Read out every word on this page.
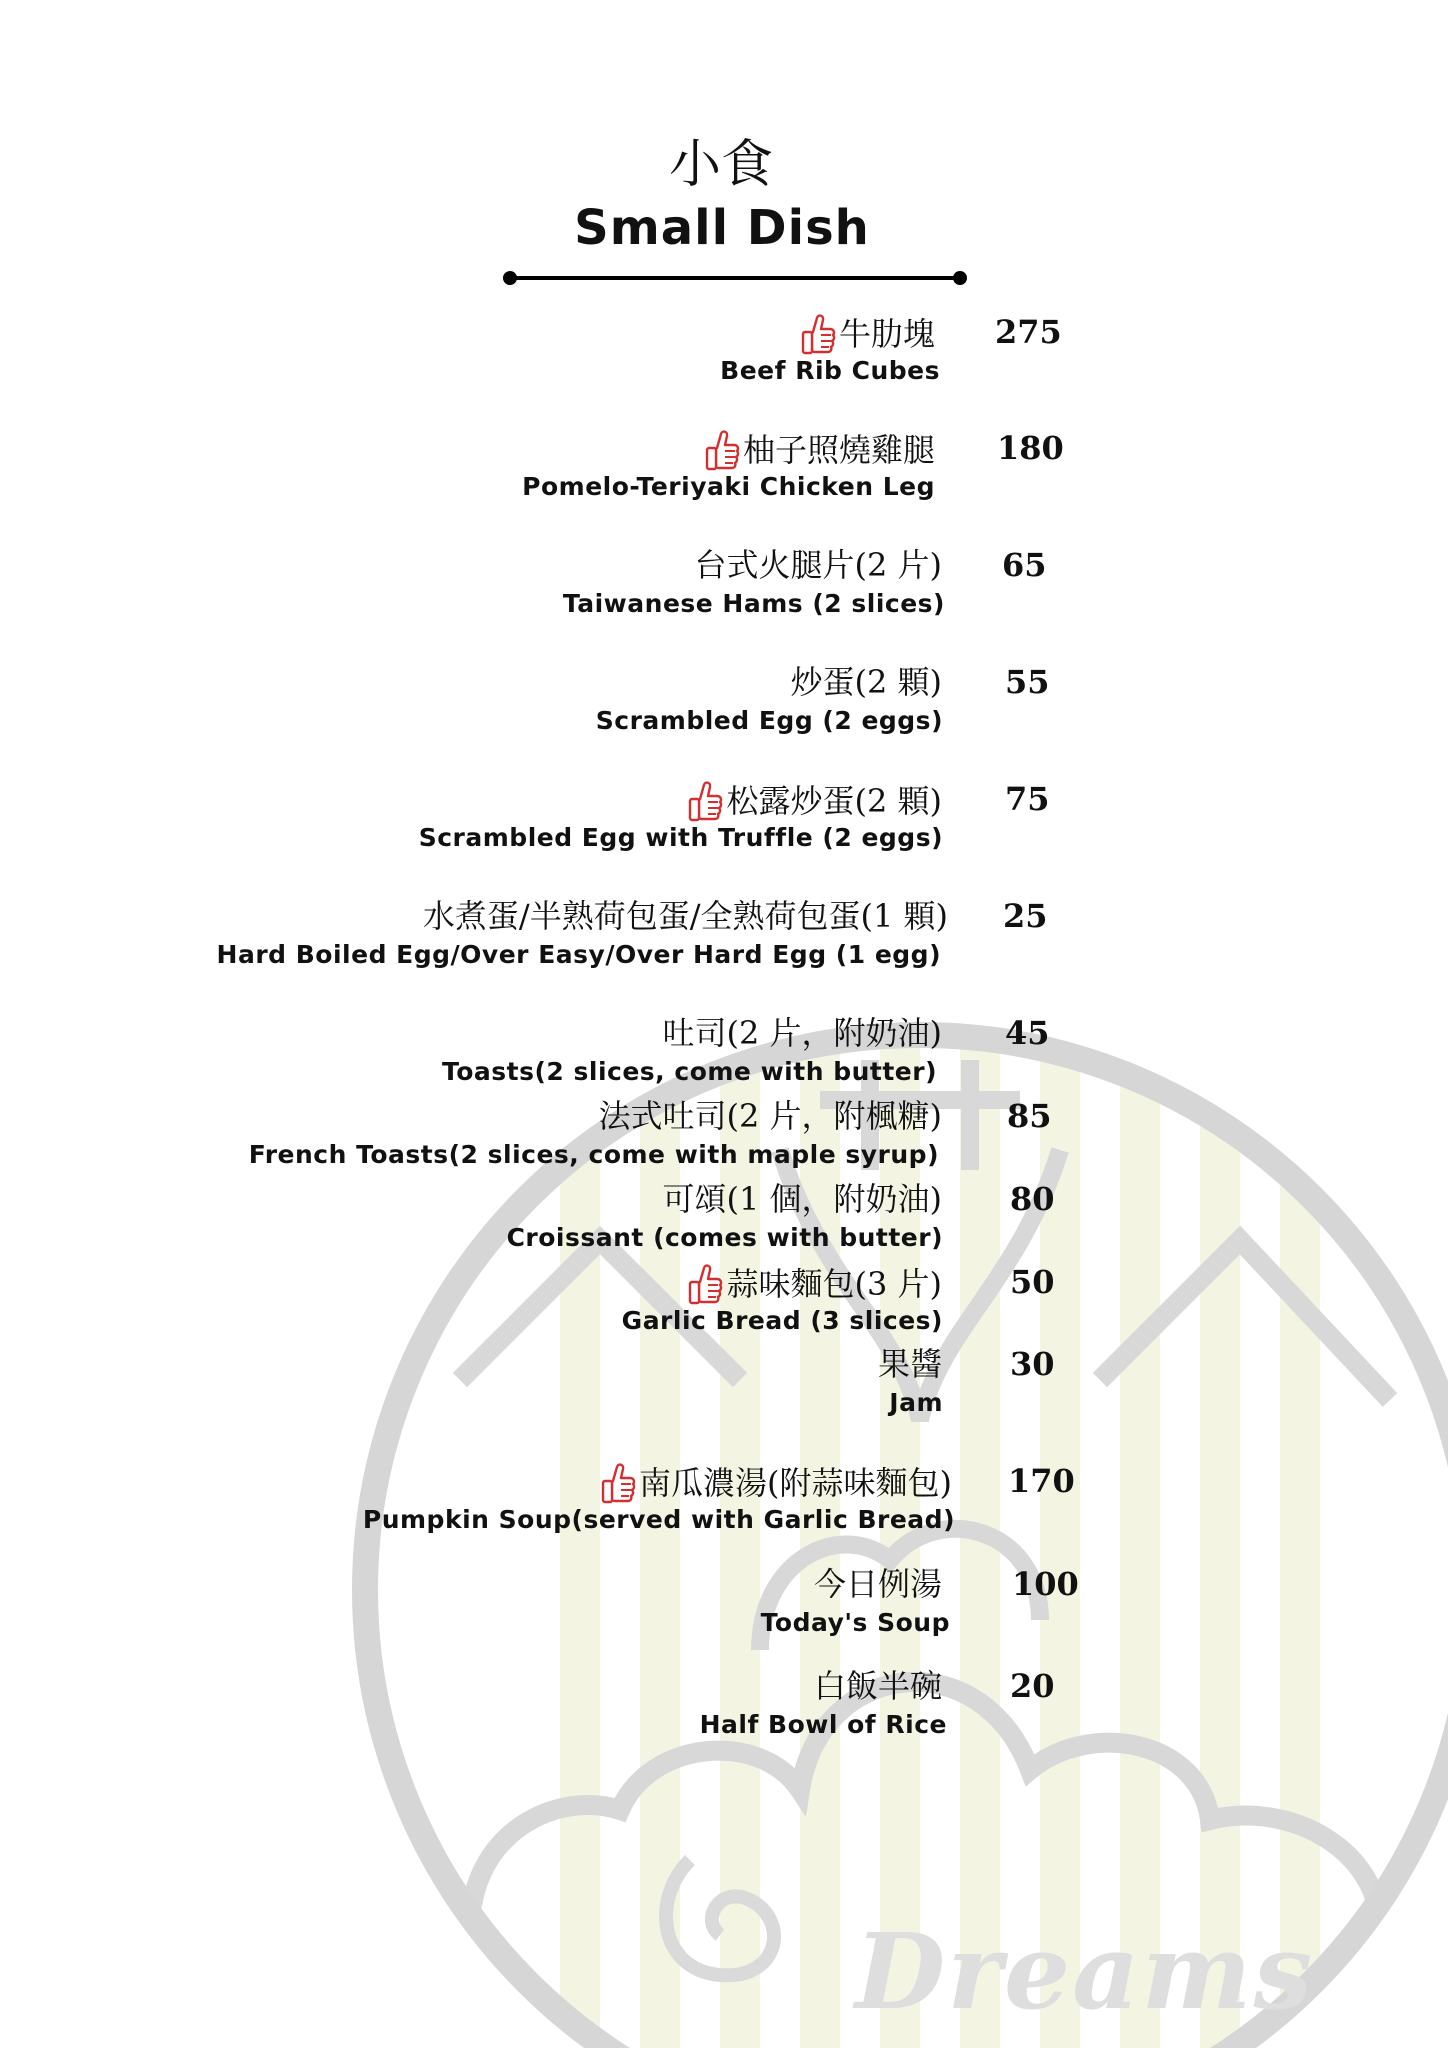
Dreams
小食
Small Dish
牛肋塊
Beef Rib Cubes
275
柚子照燒雞腿
Pomelo-Teriyaki Chicken Leg
180
台式火腿片(2 片)
Taiwanese Hams (2 slices)
65
炒蛋(2 顆)
Scrambled Egg (2 eggs)
55
松露炒蛋(2 顆)
Scrambled Egg with Truffle (2 eggs)
75
水煮蛋/半熟荷包蛋/全熟荷包蛋(1 顆)
Hard Boiled Egg/Over Easy/Over Hard Egg (1 egg)
25
吐司(2 片，附奶油)
Toasts(2 slices, come with butter)
45
法式吐司(2 片，附楓糖)
French Toasts(2 slices, come with maple syrup)
85
可頌(1 個，附奶油)
Croissant (comes with butter)
80
蒜味麵包(3 片)
Garlic Bread (3 slices)
50
果醬
Jam
30
南瓜濃湯(附蒜味麵包)
Pumpkin Soup(served with Garlic Bread)
170
今日例湯
Today's Soup
100
白飯半碗
Half Bowl of Rice
20
